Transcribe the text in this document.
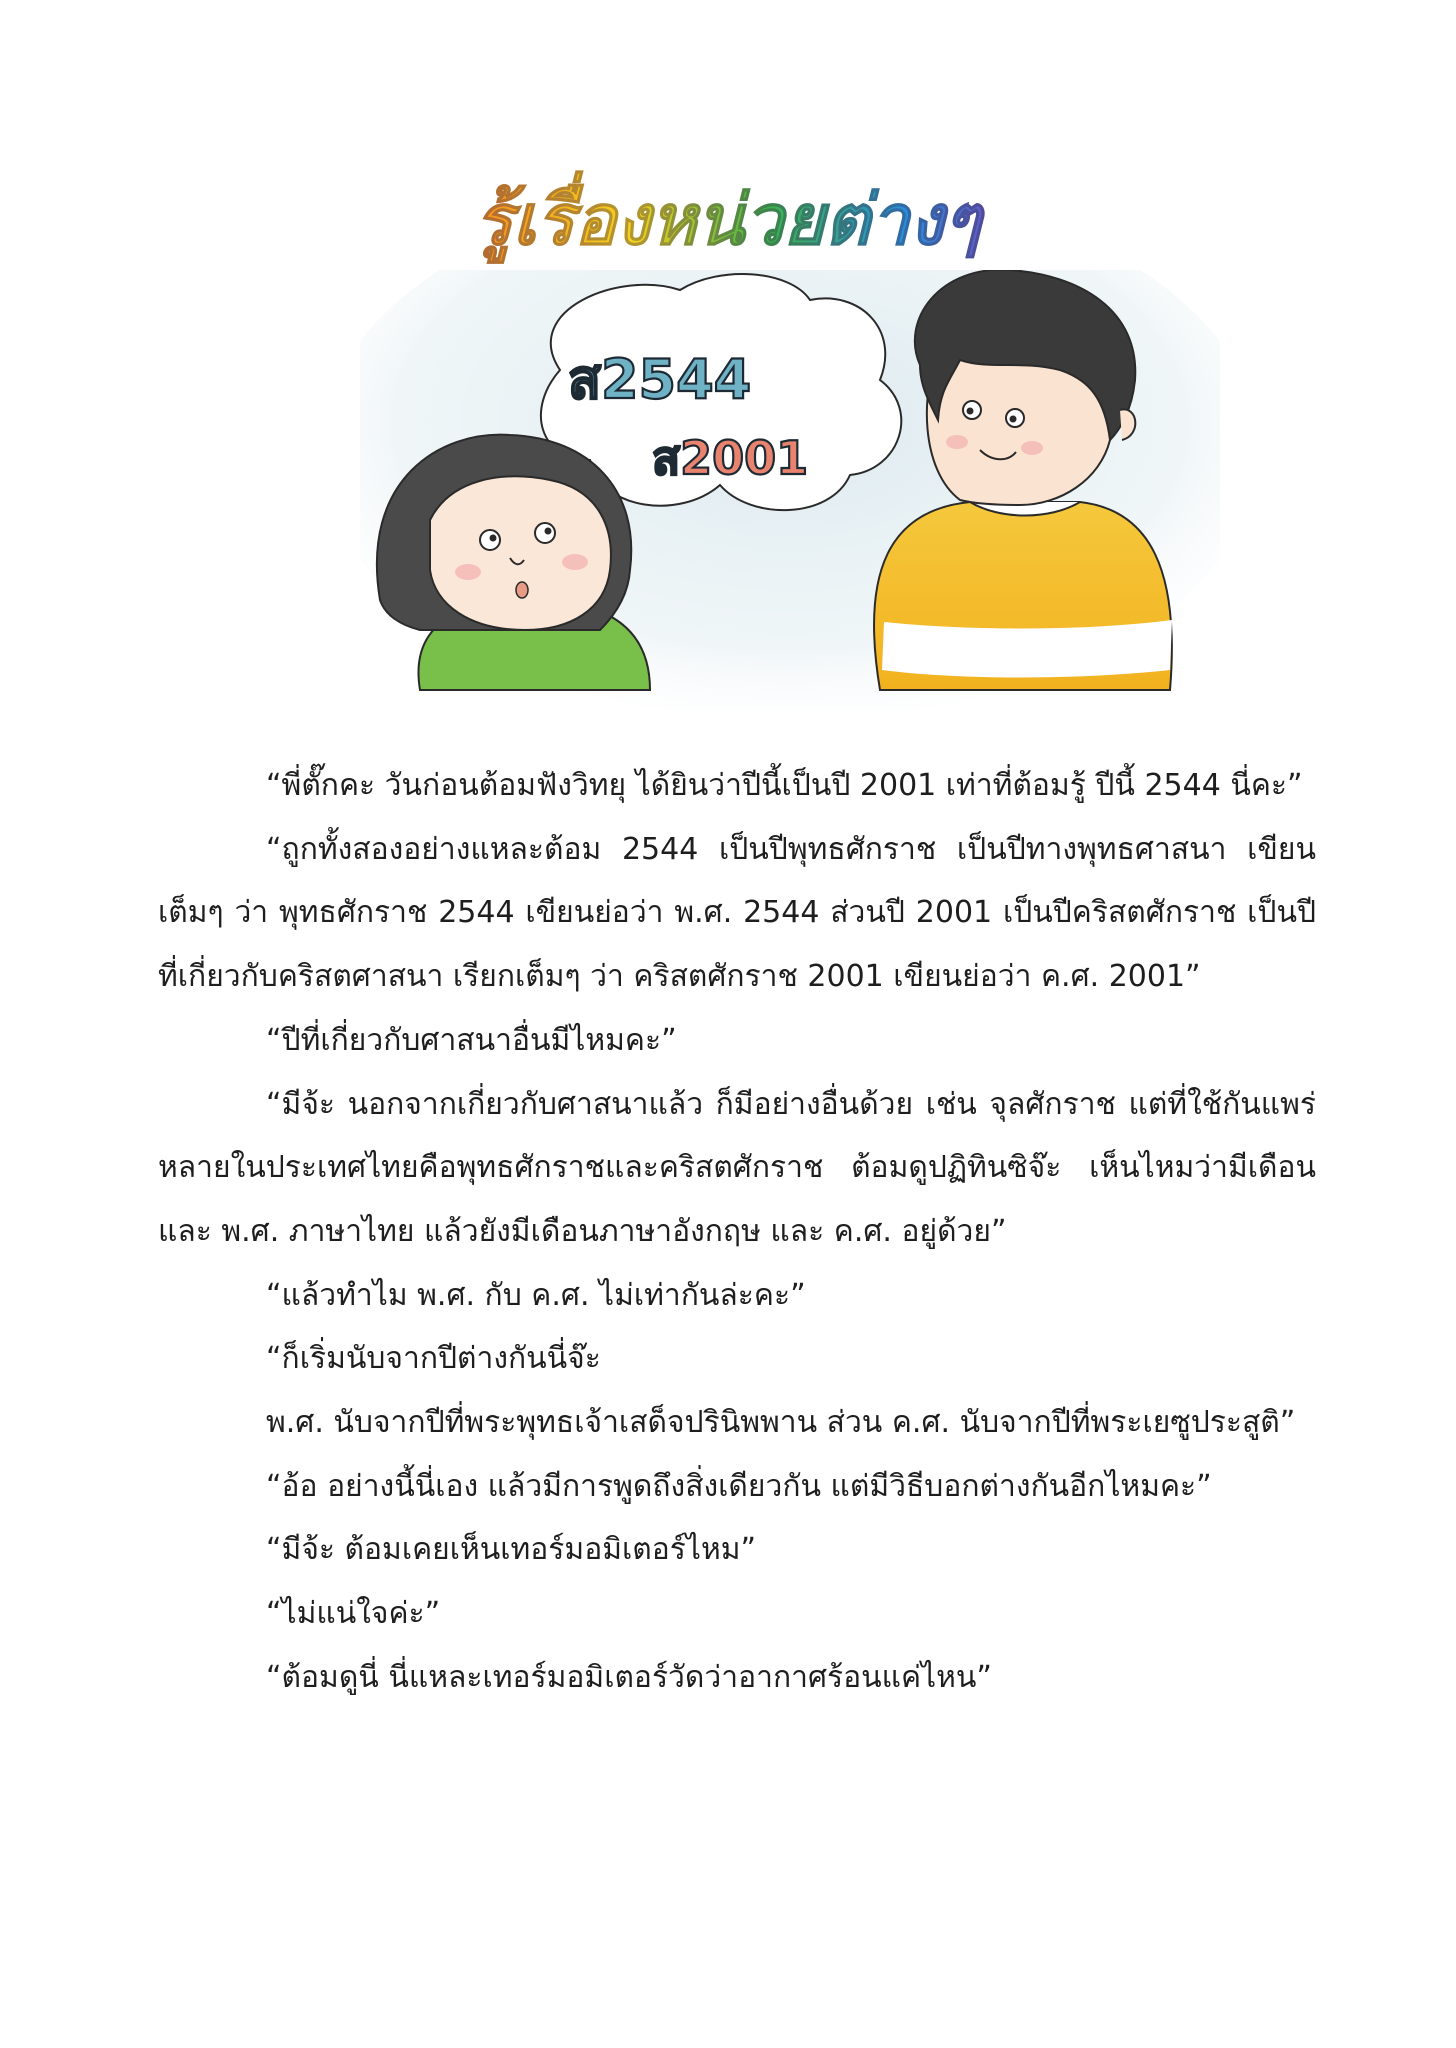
รู้เรื่องหน่วยต่างๆ
ส2544
ส2001

“พี่ตั๊กคะ วันก่อนต้อมฟังวิทยุ ได้ยินว่าปีนี้เป็นปี 2001 เท่าที่ต้อมรู้ ปีนี้ 2544 นี่คะ”

“ถูกทั้งสองอย่างแหละต้อม 2544 เป็นปีพุทธศักราช เป็นปีทางพุทธศาสนา เขียนเต็มๆ ว่า พุทธศักราช 2544 เขียนย่อว่า พ.ศ. 2544 ส่วนปี 2001 เป็นปีคริสตศักราช เป็นปีที่เกี่ยวกับคริสตศาสนา เรียกเต็มๆ ว่า คริสตศักราช 2001 เขียนย่อว่า ค.ศ. 2001”

“ปีที่เกี่ยวกับศาสนาอื่นมีไหมคะ”

“มีจ้ะ นอกจากเกี่ยวกับศาสนาแล้ว ก็มีอย่างอื่นด้วย เช่น จุลศักราช แต่ที่ใช้กันแพร่หลายในประเทศไทยคือพุทธศักราชและคริสตศักราช ต้อมดูปฏิทินซิจ๊ะ เห็นไหมว่ามีเดือน และ พ.ศ. ภาษาไทย แล้วยังมีเดือนภาษาอังกฤษ และ ค.ศ. อยู่ด้วย”

“แล้วทำไม พ.ศ. กับ ค.ศ. ไม่เท่ากันล่ะคะ”

“ก็เริ่มนับจากปีต่างกันนี่จ๊ะ

พ.ศ. นับจากปีที่พระพุทธเจ้าเสด็จปรินิพพาน ส่วน ค.ศ. นับจากปีที่พระเยซูประสูติ”

“อ้อ อย่างนี้นี่เอง แล้วมีการพูดถึงสิ่งเดียวกัน แต่มีวิธีบอกต่างกันอีกไหมคะ”

“มีจ้ะ ต้อมเคยเห็นเทอร์มอมิเตอร์ไหม”

“ไม่แน่ใจค่ะ”

“ต้อมดูนี่ นี่แหละเทอร์มอมิเตอร์วัดว่าอากาศร้อนแค่ไหน”
